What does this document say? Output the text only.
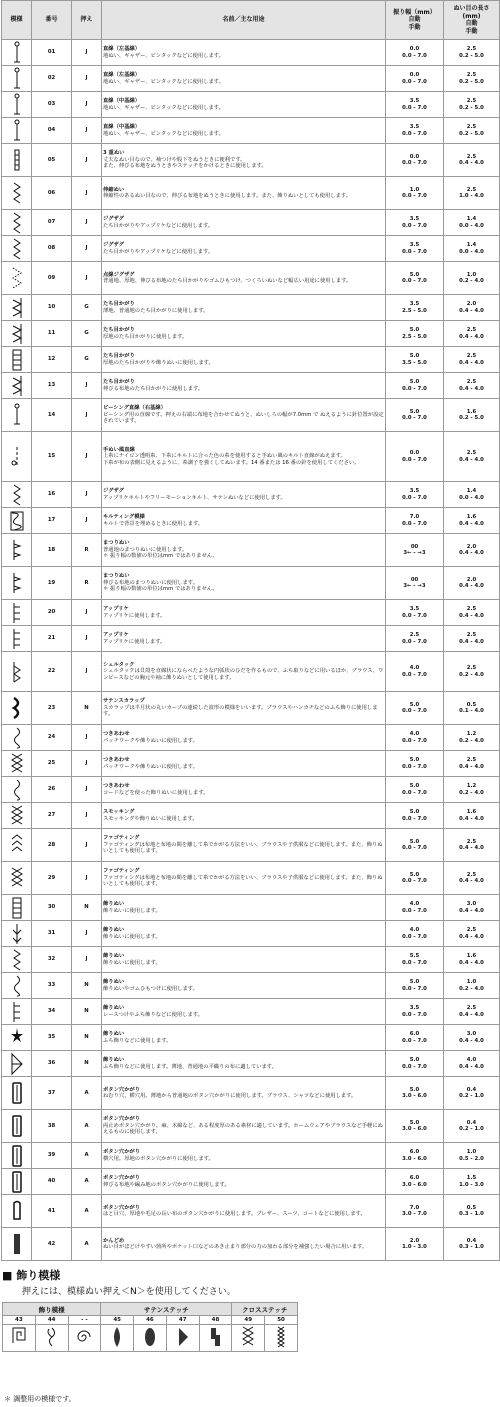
模様	番号	押え	名前／主な用途	振り幅（mm）
自動
手動	ぬい目の長さ
(mm)
自動
手動

	01	J	直線（左基線）
地ぬい、ギャザー、ピンタックなどに使用します。	0.0
0.0 - 7.0	2.5
0.2 - 5.0

	02	J	直線（左基線）
地ぬい、ギャザー、ピンタックなどに使用します。	0.0
0.0 - 7.0	2.5
0.2 - 5.0

	03	J	直線（中基線）
地ぬい、ギャザー、ピンタックなどに使用します。	3.5
0.0 - 7.0	2.5
0.2 - 5.0

	04	J	直線（中基線）
地ぬい、ギャザー、ピンタックなどに使用します。	3.5
0.0 - 7.0	2.5
0.2 - 5.0

	05	J	3 重ぬい
丈夫なぬい目なので、袖つけや股下をぬうときに便利です。
また、伸びる布地をぬうときやステッチをかけるときに使用します。	0.0
0.0 - 7.0	2.5
0.4 - 4.0

	06	J	伸縮ぬい
伸縮性のあるぬい目なので、伸びる布地をぬうときに使用します。また、飾りぬいとしても使用します。	1.0
0.0 - 7.0	2.5
1.0 - 4.0

	07	J	ジグザグ
たち目かがりやアップリケなどに使用します。	3.5
0.0 - 7.0	1.4
0.0 - 4.0

	08	J	ジグザグ
たち目かがりやアップリケなどに使用します。	3.5
0.0 - 7.0	1.4
0.0 - 4.0

	09	J	点線ジグザグ
普通地、厚地、伸びる布地のたち目かがりやゴムひもつけ、つくろいぬいなど幅広い用途に使用します。	5.0
0.0 - 7.0	1.0
0.2 - 4.0

	10	G	たち目かがり
薄地、普通地のたち目かがりに使用します。	3.5
2.5 - 5.0	2.0
0.4 - 4.0

	11	G	たち目かがり
厚地のたち目かがりに使用します。	5.0
2.5 - 5.0	2.5
0.4 - 4.0

	12	G	たち目かがり
厚地のたち目かがりや飾りぬいに使用します。	5.0
3.5 - 5.0	2.5
0.4 - 4.0

	13	J	たち目かがり
伸びる布地のたち目かがりに使用します。	5.0
0.0 - 7.0	2.5
0.4 - 4.0

	14	J	ピーシング直線（右基線）
ピーシング用の直線です。押えの右端に布地を合わせてぬうと、ぬいしろの幅が7.0mm で ぬえるように針位置が設定されています。	5.0
0.0 - 7.0	1.6
0.2 - 5.0

	15	J	手ぬい風直線
上糸にナイロン透明糸、下糸にキルトに合った色の糸を使用すると手ぬい風のキルト直線がぬえます。
下糸が布の表側に見えるように、糸調子を強くしてぬいます。14 番または 16 番の針を使用してください。	0.0
0.0 - 7.0	2.5
0.4 - 4.0

	16	J	ジグザグ
アップリケキルトやフリーモーションキルト、サテンぬいなどに使用します。	3.5
0.0 - 7.0	1.4
0.0 - 4.0

	17	J	キルティング模様
キルトで背景を埋めるときに使用します。	7.0
0.0 - 7.0	1.6
0.4 - 4.0

	18	R	まつりぬい
普通地のまつりぬいに使用します。
＊ 振り幅の数値の単位はmm ではありません。	00
3← - →3	2.0
0.4 - 4.0

	19	R	まつりぬい
伸びる布地のまつりぬいに使用します。
＊ 振り幅の数値の単位はmm ではありません。	00
3← - →3	2.0
0.4 - 4.0

	20	J	アップリケ
アップリケに使用します。	3.5
0.0 - 7.0	2.5
0.4 - 4.0

	21	J	アップリケ
アップリケに使用します。	2.5
0.0 - 7.0	2.5
0.4 - 4.0

	22	J	シェルタック
シェルタックは貝殻を直線状にならべたような円弧状のひだを作るもので、ふち取りなどに用いるほか、ブラウス、ワンピースなどの胸元や袖に飾りぬいとして使用します。	4.0
0.0 - 7.0	2.5
0.2 - 4.0

	23	N	サテンスカラップ
スカラップは半月状の丸いカーブの連続した波形の模様をいいます。ブラウスやハンカチなどのふち飾りに使用します。	5.0
0.0 - 7.0	0.5
0.1 - 4.0

	24	J	つきあわせ
パッチワークや飾りぬいに使用します。	4.0
0.0 - 7.0	1.2
0.2 - 4.0

	25	J	つきあわせ
パッチワークや飾りぬいに使用します。	5.0
0.0 - 7.0	2.5
0.4 - 4.0

	26	J	つきあわせ
コードなどを使った飾りぬいに使用します。	5.0
0.0 - 7.0	1.2
0.2 - 4.0

	27	J	スモッキング
スモッキングや飾りぬいに使用します。	5.0
0.0 - 7.0	1.6
0.4 - 4.0

	28	J	ファゴティング
ファゴティングは布地と布地の間を離して糸でかがる方法をいい、ブラウスや子供服などに使用します。また、飾りぬいとしても使用します。	5.0
0.0 - 7.0	2.5
0.4 - 4.0

	29	J	ファゴティング
ファゴティングは布地と布地の間を離して糸でかがる方法をいい、ブラウスや子供服などに使用します。また、飾りぬいとしても使用します。	5.0
0.0 - 7.0	2.5
0.4 - 4.0

	30	N	飾りぬい
飾りぬいに使用します。	4.0
0.0 - 7.0	3.0
0.4 - 4.0

	31	J	飾りぬい
飾りぬいに使用します。	4.0
0.0 - 7.0	2.5
0.4 - 4.0

	32	J	飾りぬい
飾りぬいに使用します。	5.5
0.0 - 7.0	1.6
0.4 - 4.0

	33	N	飾りぬい
飾りぬいやゴムひもつけに使用します。	5.0
0.0 - 7.0	1.0
0.2 - 4.0

	34	N	飾りぬい
レースつけやふち飾りなどに使用します。	3.5
0.0 - 7.0	2.5
0.4 - 4.0

	35	N	飾りぬい
ふち飾りなどに使用します。	6.0
0.0 - 7.0	3.0
0.4 - 4.0

	36	N	飾りぬい
ふち飾りなどに使用します。薄地、普通地の平織りの布に適しています。	5.0
0.0 - 7.0	4.0
0.4 - 4.0

	37	A	ボタン穴かがり
ねむり穴、横穴用。薄地から普通地のボタン穴かがりに使用します。ブラウス、シャツなどに使用します。	5.0
3.0 - 6.0	0.4
0.2 - 1.0

	38	A	ボタン穴かがり
両止めボタン穴かがり。麻、木綿など、ある程度厚のある素材に適しています。ホームウェアやブラウスなど手軽にぬえるものに使用します。	5.0
3.0 - 6.0	0.4
0.2 - 1.0

	39	A	ボタン穴かがり
横穴用。厚地のボタン穴かがりに使用します。	6.0
3.0 - 6.0	1.0
0.5 - 2.0

	40	A	ボタン穴かがり
伸びる布地や編み地のボタン穴かがりに使用します。	6.0
3.0 - 6.0	1.5
1.0 - 3.0

	41	A	ボタン穴かがり
はと目穴、厚地や毛足の長い布のボタン穴かがりに使用します。ブレザー、スーツ、コートなどに使用します。	7.0
3.0 - 7.0	0.5
0.3 - 1.0

	42	A	かんどめ
ぬい目がほどけやすい箇所やポケット口などのあき止まり部分の力の加わる部分を補強したい場合に用います。	2.0
1.0 - 3.0	0.4
0.3 - 1.0
■ 飾り模様
押えには、模様ぬい押え＜N＞を使用してください。
飾り模様			サテンステッチ				クロスステッチ	
43	44	- -	45	46	47	48	49	50

＊ 調整用の模様です。
